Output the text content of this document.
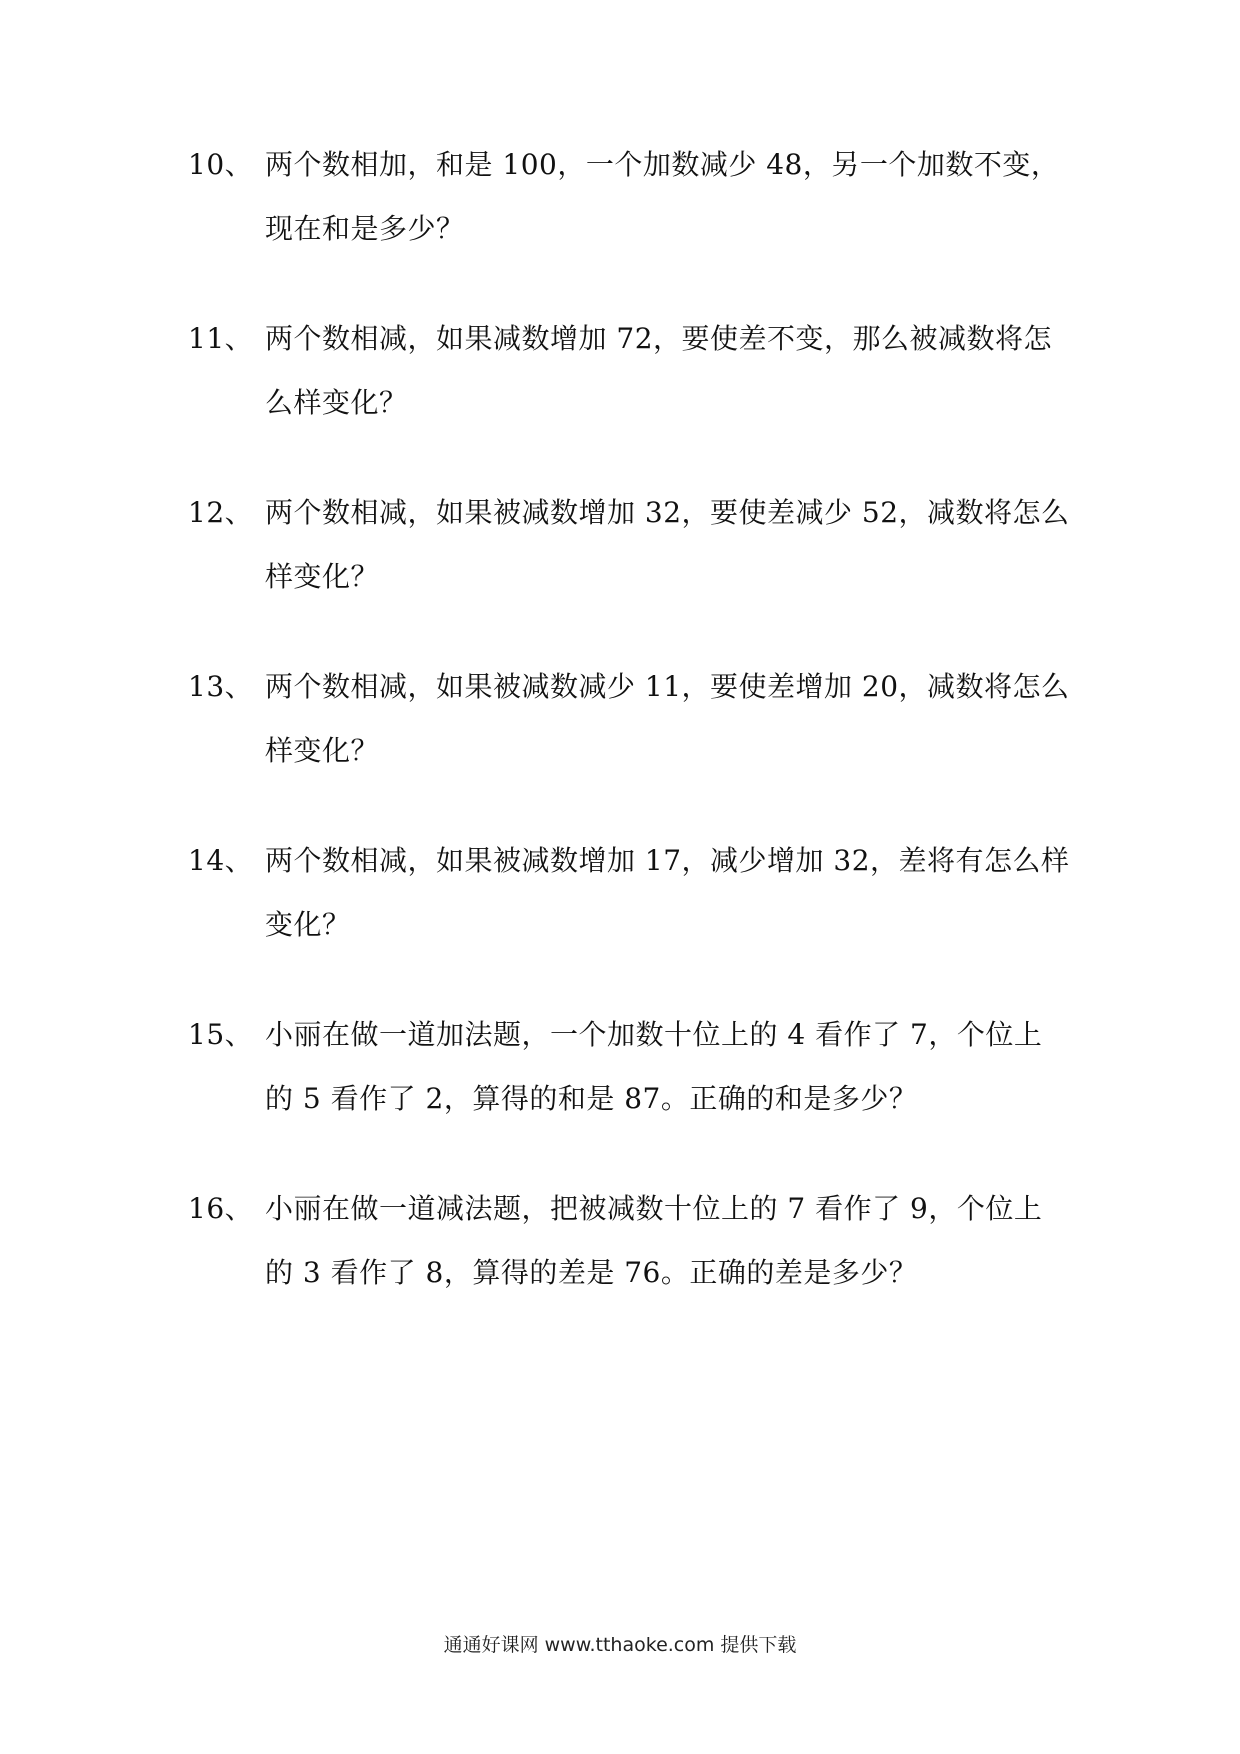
10、 两个数相加，和是 100，一个加数减少 48，另一个加数不变，
现在和是多少？
11、 两个数相减，如果减数增加 72，要使差不变，那么被减数将怎
么样变化？
12、 两个数相减，如果被减数增加 32，要使差减少 52，减数将怎么
样变化？
13、 两个数相减，如果被减数减少 11，要使差增加 20，减数将怎么
样变化？
14、 两个数相减，如果被减数增加 17，减少增加 32，差将有怎么样
变化？
15、 小丽在做一道加法题，一个加数十位上的 4 看作了 7，个位上
的 5 看作了 2，算得的和是 87。正确的和是多少？
16、 小丽在做一道减法题，把被减数十位上的 7 看作了 9，个位上
的 3 看作了 8，算得的差是 76。正确的差是多少？
通通好课网 www.tthaoke.com 提供下载
